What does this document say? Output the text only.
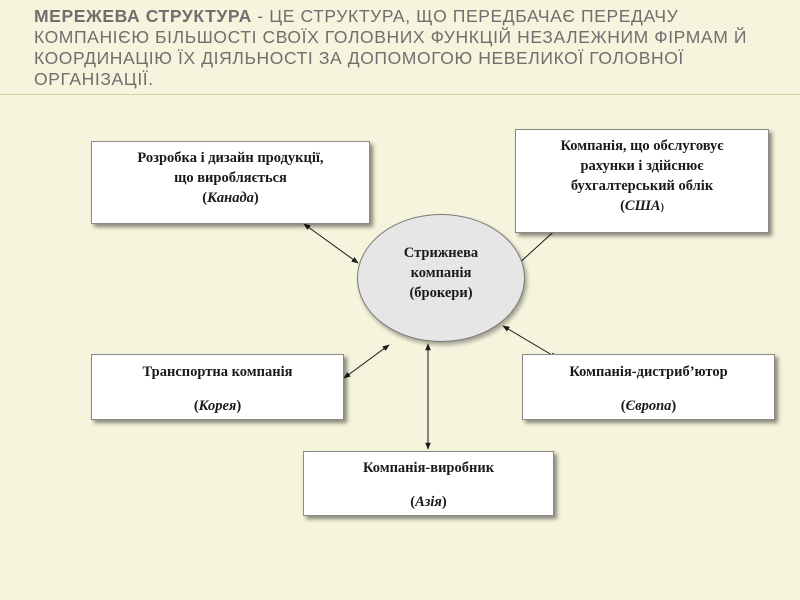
МЕРЕЖЕВА СТРУКТУРА - ЦЕ СТРУКТУРА, ЩО ПЕРЕДБАЧАЄ ПЕРЕДАЧУ КОМПАНІЄЮ БІЛЬШОСТІ СВОЇХ ГОЛОВНИХ ФУНКЦІЙ НЕЗАЛЕЖНИМ ФІРМАМ Й КООРДИНАЦІЮ ЇХ ДІЯЛЬНОСТІ ЗА ДОПОМОГОЮ НЕВЕЛИКОЇ ГОЛОВНОЇ ОРГАНІЗАЦІЇ.
Розробка і дизайн продукції,
що виробляється
(Канада)
Компанія, що обслуговує
рахунки і здійснює
бухгалтерський облік
(США)
Транспортна компанія
(Корея)
Компанія-дистриб’ютор
(Європа)
Компанія-виробник
(Азія)
Стрижнева
компанія
(брокери)
